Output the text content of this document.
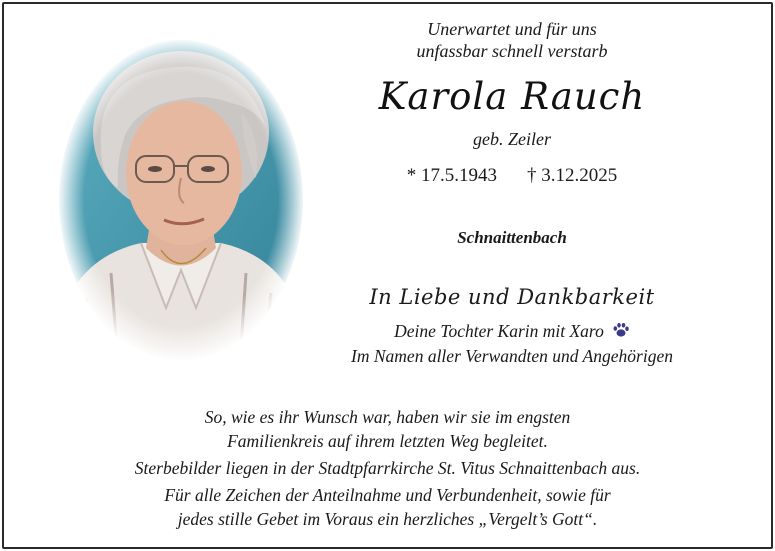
Unerwartet und für uns
unfassbar schnell verstarb
Karola Rauch
geb. Zeiler
* 17.5.1943 † 3.12.2025
Schnaittenbach
In Liebe und Dankbarkeit
Deine Tochter Karin mit Xaro
Im Namen aller Verwandten und Angehörigen

So, wie es ihr Wunsch war, haben wir sie im engsten

Familienkreis auf ihrem letzten Weg begleitet.

Sterbebilder liegen in der Stadtpfarrkirche St. Vitus Schnaittenbach aus.

Für alle Zeichen der Anteilnahme und Verbundenheit, sowie für

jedes stille Gebet im Voraus ein herzliches „Vergelt’s Gott“.
